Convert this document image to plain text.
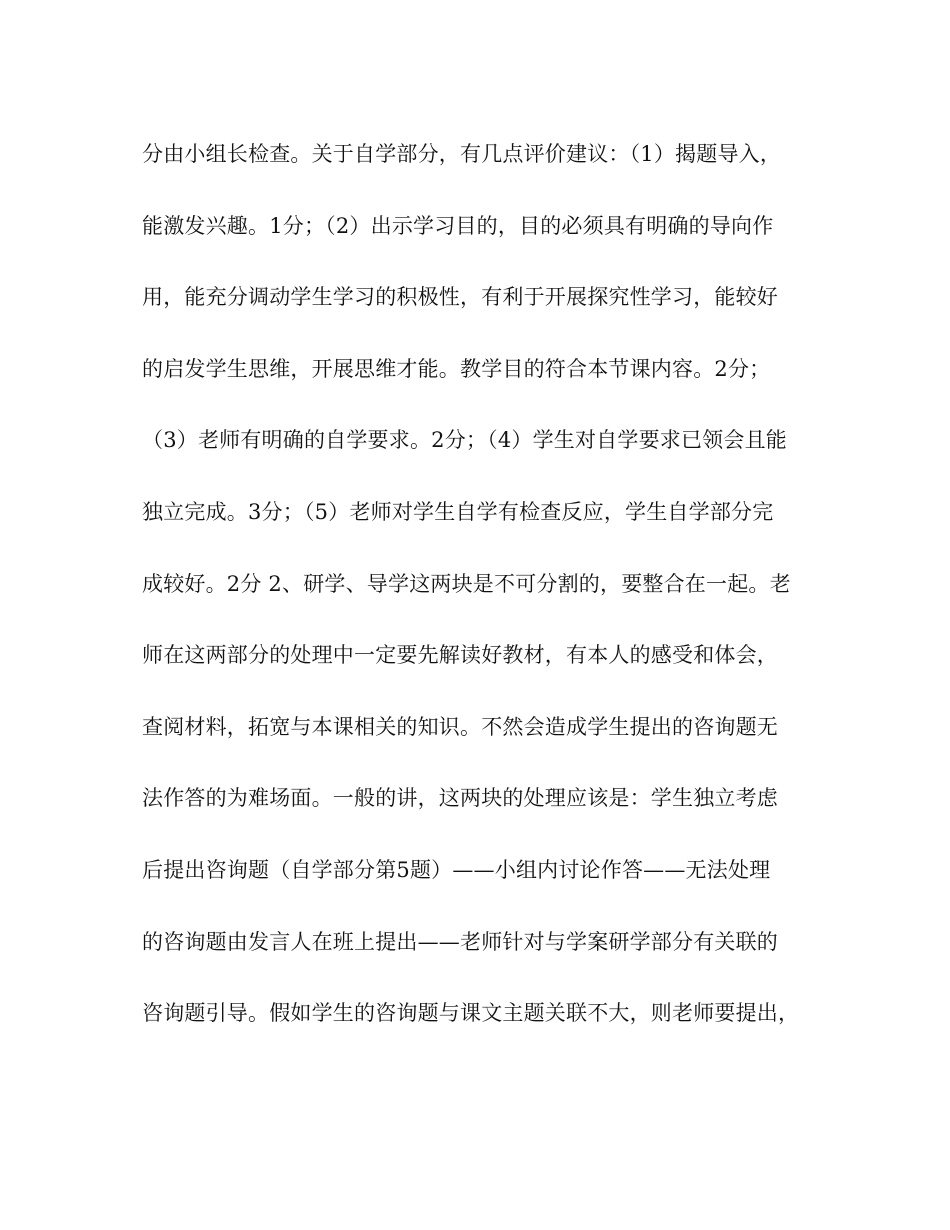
分由小组长检查。关于自学部分，有几点评价建议：（1）揭题导入，
能激发兴趣。1分；（2）出示学习目的，目的必须具有明确的导向作
用，能充分调动学生学习的积极性，有利于开展探究性学习，能较好
的启发学生思维，开展思维才能。教学目的符合本节课内容。2分；
（3）老师有明确的自学要求。2分；（4）学生对自学要求已领会且能
独立完成。3分；（5）老师对学生自学有检查反应，学生自学部分完
成较好。2分 2、研学、导学这两块是不可分割的，要整合在一起。老
师在这两部分的处理中一定要先解读好教材，有本人的感受和体会，
查阅材料，拓宽与本课相关的知识。不然会造成学生提出的咨询题无
法作答的为难场面。一般的讲，这两块的处理应该是：学生独立考虑
后提出咨询题（自学部分第5题）——小组内讨论作答——无法处理
的咨询题由发言人在班上提出——老师针对与学案研学部分有关联的
咨询题引导。假如学生的咨询题与课文主题关联不大，则老师要提出，
